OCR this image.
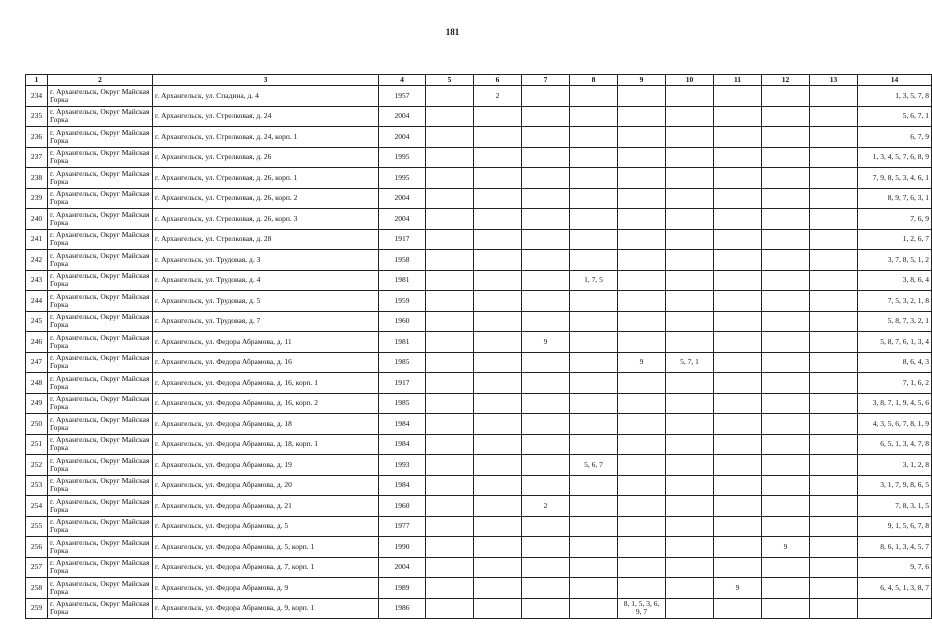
181
1	2	3	4	5	6	7	8	9	10	11	12	13	14
234	г. Архангельск, Округ Майская Горка	г. Архангельск, ул. Спадина, д. 4	1957		2								1, 3, 5, 7, 8
235	г. Архангельск, Округ Майская Горка	г. Архангельск, ул. Стрелковая, д. 24	2004										5, 6, 7, 1
236	г. Архангельск, Округ Майская Горка	г. Архангельск, ул. Стрелковая, д. 24, корп. 1	2004										6, 7, 9
237	г. Архангельск, Округ Майская Горка	г. Архангельск, ул. Стрелковая, д. 26	1995										1, 3, 4, 5, 7, 6, 8, 9
238	г. Архангельск, Округ Майская Горка	г. Архангельск, ул. Стрелковая, д. 26, корп. 1	1995										7, 9, 8, 5, 3, 4, 6, 1
239	г. Архангельск, Округ Майская Горка	г. Архангельск, ул. Стрелковая, д. 26, корп. 2	2004										8, 9, 7, 6, 3, 1
240	г. Архангельск, Округ Майская Горка	г. Архангельск, ул. Стрелковая, д. 26, корп. 3	2004										7, 6, 9
241	г. Архангельск, Округ Майская Горка	г. Архангельск, ул. Стрелковая, д. 28	1917										1, 2, 6, 7
242	г. Архангельск, Округ Майская Горка	г. Архангельск, ул. Трудовая, д. 3	1958										3, 7, 8, 5, 1, 2
243	г. Архангельск, Округ Майская Горка	г. Архангельск, ул. Трудовая, д. 4	1981				1, 7, 5						3, 8, 6, 4
244	г. Архангельск, Округ Майская Горка	г. Архангельск, ул. Трудовая, д. 5	1959										7, 5, 3, 2, 1, 8
245	г. Архангельск, Округ Майская Горка	г. Архангельск, ул. Трудовая, д. 7	1960										5, 8, 7, 3, 2, 1
246	г. Архангельск, Округ Майская Горка	г. Архангельск, ул. Федора Абрамова, д. 11	1981			9							5, 8, 7, 6, 1, 3, 4
247	г. Архангельск, Округ Майская Горка	г. Архангельск, ул. Федора Абрамова, д. 16	1985					9	5, 7, 1				8, 6, 4, 3
248	г. Архангельск, Округ Майская Горка	г. Архангельск, ул. Федора Абрамова, д. 16, корп. 1	1917										7, 1, 6, 2
249	г. Архангельск, Округ Майская Горка	г. Архангельск, ул. Федора Абрамова, д. 16, корп. 2	1985										3, 8, 7, 1, 9, 4, 5, 6
250	г. Архангельск, Округ Майская Горка	г. Архангельск, ул. Федора Абрамова, д. 18	1984										4, 3, 5, 6, 7, 8, 1, 9
251	г. Архангельск, Округ Майская Горка	г. Архангельск, ул. Федора Абрамова, д. 18, корп. 1	1984										6, 5, 1, 3, 4, 7, 8
252	г. Архангельск, Округ Майская Горка	г. Архангельск, ул. Федора Абрамова, д. 19	1993				5, 6, 7						3, 1, 2, 8
253	г. Архангельск, Округ Майская Горка	г. Архангельск, ул. Федора Абрамова, д. 20	1984										3, 1, 7, 9, 8, 6, 5
254	г. Архангельск, Округ Майская Горка	г. Архангельск, ул. Федора Абрамова, д. 21	1960			2							7, 8, 3, 1, 5
255	г. Архангельск, Округ Майская Горка	г. Архангельск, ул. Федора Абрамова, д. 5	1977										9, 1, 5, 6, 7, 8
256	г. Архангельск, Округ Майская Горка	г. Архангельск, ул. Федора Абрамова, д. 5, корп. 1	1990								9		8, 6, 1, 3, 4, 5, 7
257	г. Архангельск, Округ Майская Горка	г. Архангельск, ул. Федора Абрамова, д. 7, корп. 1	2004										9, 7, 6
258	г. Архангельск, Округ Майская Горка	г. Архангельск, ул. Федора Абрамова, д. 9	1989							9			6, 4, 5, 1, 3, 8, 7
259	г. Архангельск, Округ Майская Горка	г. Архангельск, ул. Федора Абрамова, д. 9, корп. 1	1986					8, 1, 5, 3, 6, 9, 7					
